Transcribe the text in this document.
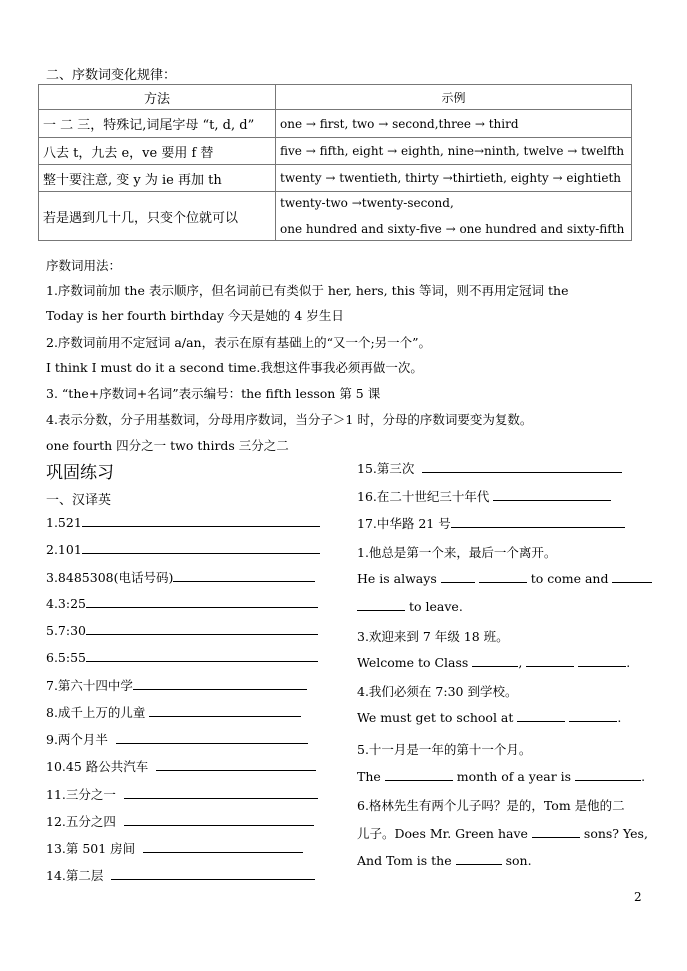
二、序数词变化规律：
方法	示例
一 二 三，特殊记,词尾字母 “t, d, d”	one → first, two → second,three → third
八去 t，九去 e，ve 要用 f 替	five → fifth, eight → eighth, nine→ninth, twelve → twelfth
整十要注意, 变 y 为 ie 再加 th	twenty → twentieth, thirty →thirtieth, eighty → eightieth
若是遇到几十几，只变个位就可以	twenty-two →twenty-second,
one hundred and sixty-five → one hundred and sixty-fifth
序数词用法：
1.序数词前加 the 表示顺序，但名词前已有类似于 her, hers, this 等词，则不再用定冠词 the
Today is her fourth birthday 今天是她的 4 岁生日
2.序数词前用不定冠词 a/an，表示在原有基础上的“又一个;另一个”。
I think I must do it a second time.我想这件事我必须再做一次。
3. “the+序数词+名词”表示编号：the fifth lesson 第 5 课
4.表示分数，分子用基数词，分母用序数词，当分子＞1 时，分母的序数词要变为复数。
one fourth 四分之一 two thirds 三分之二
巩固练习
一、汉译英
1.521
2.101
3.8485308(电话号码)
4.3:25
5.7:30
6.5:55
7.第六十四中学
8.成千上万的儿童
9.两个月半
10.45 路公共汽车
11.三分之一
12.五分之四
13.第 501 房间
14.第二层
15.第三次
16.在二十世纪三十年代
17.中华路 21 号
1.他总是第一个来，最后一个离开。
He is always	to come and
to leave.
3.欢迎来到 7 年级 18 班。
Welcome to Class	,	.
4.我们必须在 7:30 到学校。
We must get to school at	.
5.十一月是一年的第十一个月。
The	month of a year is	.
6.格林先生有两个儿子吗？是的，Tom 是他的二
儿子。Does Mr. Green have	sons? Yes,
And Tom is the	son.
2
